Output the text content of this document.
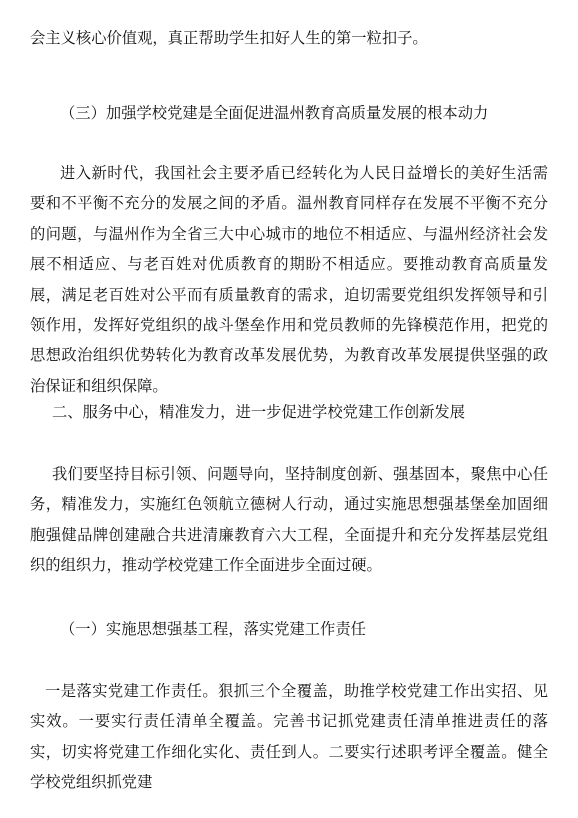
会主义核心价值观，真正帮助学生扣好人生的第一粒扣子。
（三）加强学校党建是全面促进温州教育高质量发展的根本动力
进入新时代，我国社会主要矛盾已经转化为人民日益增长的美好生活需要和不平衡不充分的发展之间的矛盾。温州教育同样存在发展不平衡不充分的问题，与温州作为全省三大中心城市的地位不相适应、与温州经济社会发展不相适应、与老百姓对优质教育的期盼不相适应。要推动教育高质量发展，满足老百姓对公平而有质量教育的需求，迫切需要党组织发挥领导和引领作用，发挥好党组织的战斗堡垒作用和党员教师的先锋模范作用，把党的思想政治组织优势转化为教育改革发展优势，为教育改革发展提供坚强的政治保证和组织保障。
二、服务中心，精准发力，进一步促进学校党建工作创新发展
我们要坚持目标引领、问题导向，坚持制度创新、强基固本，聚焦中心任务，精准发力，实施红色领航立德树人行动，通过实施思想强基堡垒加固细胞强健品牌创建融合共进清廉教育六大工程，全面提升和充分发挥基层党组织的组织力，推动学校党建工作全面进步全面过硬。
（一）实施思想强基工程，落实党建工作责任
一是落实党建工作责任。狠抓三个全覆盖，助推学校党建工作出实招、见实效。一要实行责任清单全覆盖。完善书记抓党建责任清单推进责任的落实，切实将党建工作细化实化、责任到人。二要实行述职考评全覆盖。健全学校党组织抓党建
